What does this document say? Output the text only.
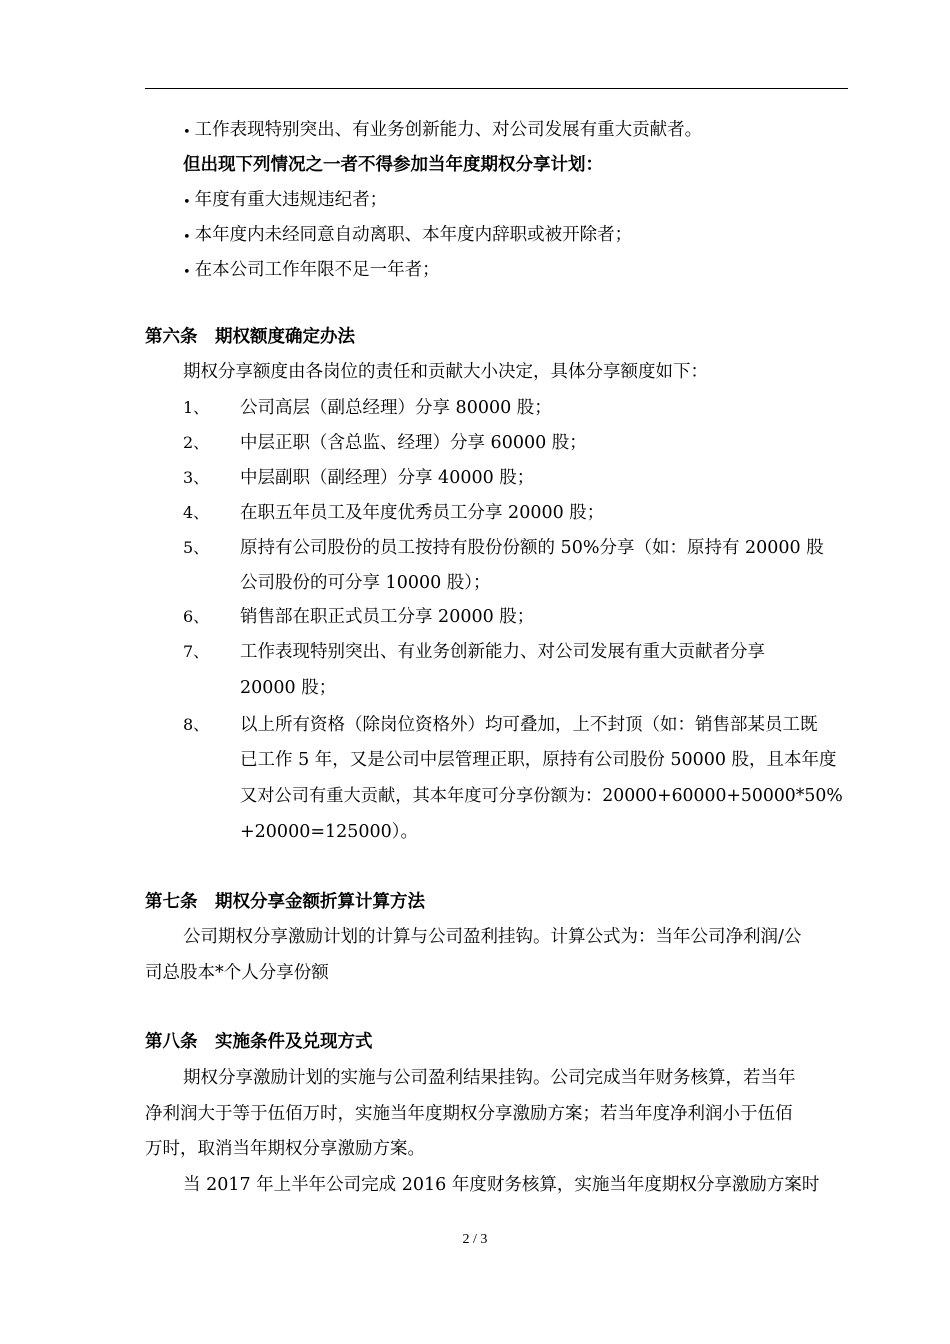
• 工作表现特别突出、有业务创新能力、对公司发展有重大贡献者。
但出现下列情况之一者不得参加当年度期权分享计划：
• 年度有重大违规违纪者；
• 本年度内未经同意自动离职、本年度内辞职或被开除者；
• 在本公司工作年限不足一年者；
第六条　期权额度确定办法
期权分享额度由各岗位的责任和贡献大小决定，具体分享额度如下：
1、 公司高层（副总经理）分享 80000 股；
2、 中层正职（含总监、经理）分享 60000 股；
3、 中层副职（副经理）分享 40000 股；
4、 在职五年员工及年度优秀员工分享 20000 股；
5、 原持有公司股份的员工按持有股份份额的 50%分享（如：原持有 20000 股
公司股份的可分享 10000 股）；
6、 销售部在职正式员工分享 20000 股；
7、 工作表现特别突出、有业务创新能力、对公司发展有重大贡献者分享
20000 股；
8、 以上所有资格（除岗位资格外）均可叠加，上不封顶（如：销售部某员工既
已工作 5 年，又是公司中层管理正职，原持有公司股份 50000 股，且本年度
又对公司有重大贡献，其本年度可分享份额为：20000+60000+50000*50%
+20000=125000）。
第七条　期权分享金额折算计算方法
公司期权分享激励计划的计算与公司盈利挂钩。计算公式为：当年公司净利润/公
司总股本*个人分享份额
第八条　实施条件及兑现方式
期权分享激励计划的实施与公司盈利结果挂钩。公司完成当年财务核算，若当年
净利润大于等于伍佰万时，实施当年度期权分享激励方案；若当年度净利润小于伍佰
万时，取消当年期权分享激励方案。
当 2017 年上半年公司完成 2016 年度财务核算，实施当年度期权分享激励方案时
2 / 3
